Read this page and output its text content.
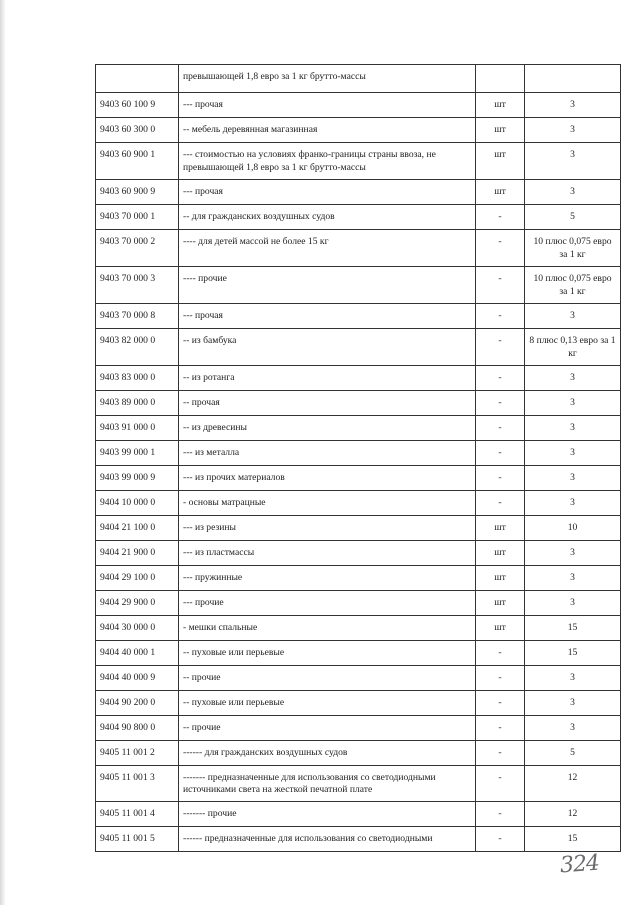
	превышающей 1,8 евро за 1 кг брутто-массы		
9403 60 100 9	--- прочая	шт	3
9403 60 300 0	-- мебель деревянная магазинная	шт	3
9403 60 900 1	--- стоимостью на условиях франко-границы страны ввоза, не превышающей 1,8 евро за 1 кг брутто-массы	шт	3
9403 60 900 9	--- прочая	шт	3
9403 70 000 1	-- для гражданских воздушных судов	-	5
9403 70 000 2	---- для детей массой не более 15 кг	-	10 плюс 0,075 евро за 1 кг
9403 70 000 3	---- прочие	-	10 плюс 0,075 евро за 1 кг
9403 70 000 8	--- прочая	-	3
9403 82 000 0	-- из бамбука	-	8 плюс 0,13 евро за 1 кг
9403 83 000 0	-- из ротанга	-	3
9403 89 000 0	-- прочая	-	3
9403 91 000 0	-- из древесины	-	3
9403 99 000 1	--- из металла	-	3
9403 99 000 9	--- из прочих материалов	-	3
9404 10 000 0	- основы матрацные	-	3
9404 21 100 0	--- из резины	шт	10
9404 21 900 0	--- из пластмассы	шт	3
9404 29 100 0	--- пружинные	шт	3
9404 29 900 0	--- прочие	шт	3
9404 30 000 0	- мешки спальные	шт	15
9404 40 000 1	-- пуховые или перьевые	-	15
9404 40 000 9	-- прочие	-	3
9404 90 200 0	-- пуховые или перьевые	-	3
9404 90 800 0	-- прочие	-	3
9405 11 001 2	------ для гражданских воздушных судов	-	5
9405 11 001 3	------- предназначенные для использования со светодиодными источниками света на жесткой печатной плате	-	12
9405 11 001 4	------- прочие	-	12
9405 11 001 5	------ предназначенные для использования со светодиодными	-	15
324
